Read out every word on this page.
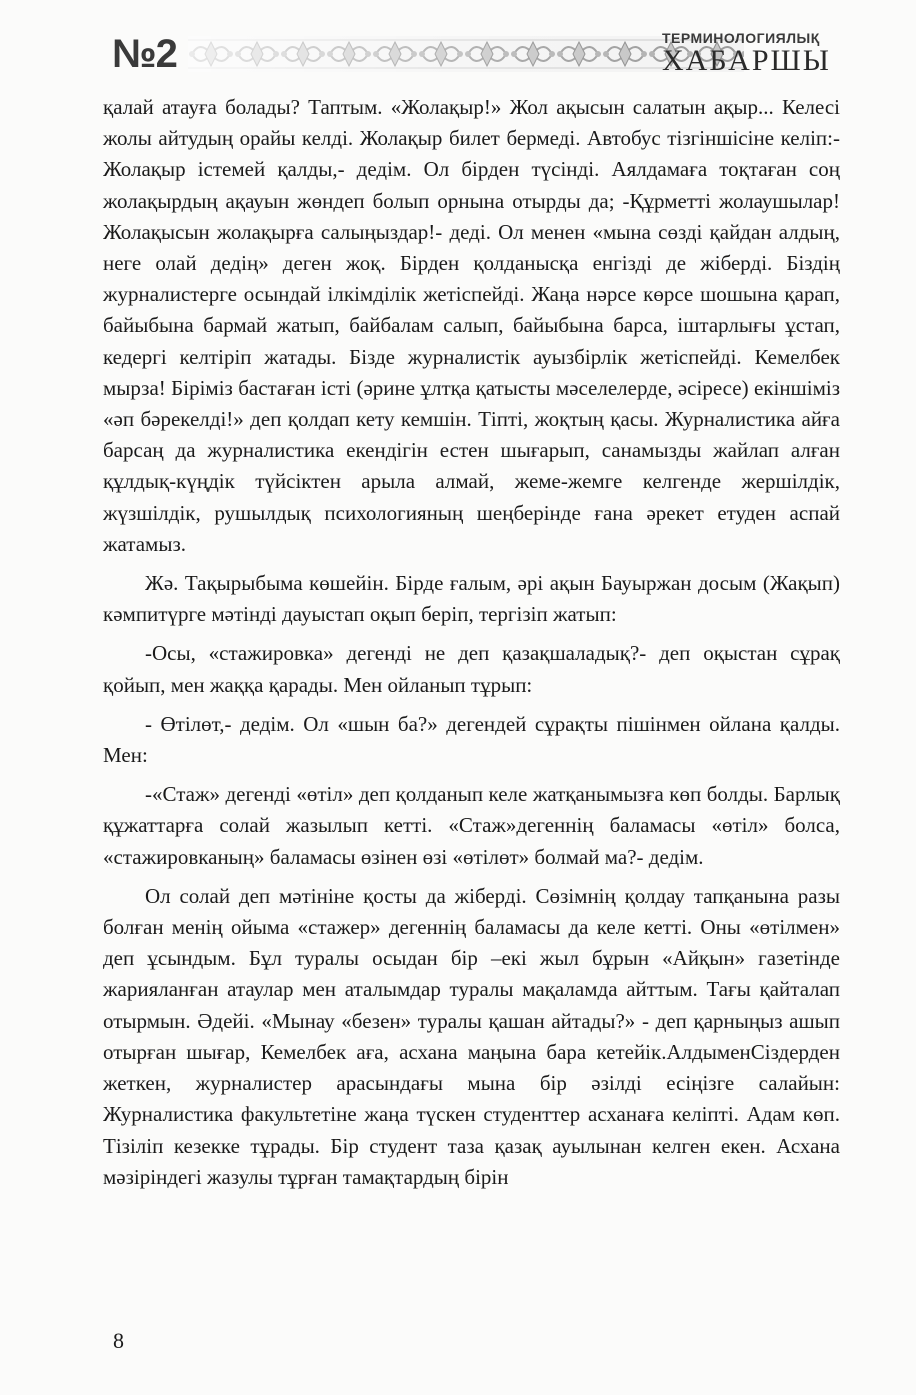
№2	ТЕРМИНОЛОГИЯЛЫҚ
ХАБАРШЫ

қалай атауға болады? Таптым. «Жолақыр!» Жол ақысын салатын ақыр... Келесі жолы айтудың орайы келді. Жолақыр билет бермеді. Автобус тізгіншісіне келіп:- Жолақыр істемей қалды,- дедім. Ол бірден түсінді. Аялдамаға тоқтаған соң жолақырдың ақауын жөндеп болып орнына отырды да; -Құрметті жолаушылар! Жолақысын жолақырға салыңыздар!- деді. Ол менен «мына сөзді қайдан алдың, неге олай дедің» деген жоқ. Бірден қолданысқа енгізді де жіберді. Біздің журналистерге осындай ілкімділік жетіспейді. Жаңа нәрсе көрсе шошына қарап, байыбына бармай жатып, байбалам салып, байыбына барса, іштарлығы ұстап, кедергі келтіріп жатады. Бізде журналистік ауызбірлік жетіспейді. Кемелбек мырза! Біріміз бастаған істі (әрине ұлтқа қатысты мәселелерде, әсіресе) екіншіміз «әп бәрекелді!» деп қолдап кету кемшін. Тіпті, жоқтың қасы. Журналистика айға барсаң да журналистика екендігін естен шығарып, санамызды жайлап алған құлдық-күңдік түйсіктен арыла алмай, жеме-жемге келгенде жершілдік, жүзшілдік, рушылдық психологияның шеңберінде ғана әрекет етуден аспай жатамыз.

Жә. Тақырыбыма көшейін. Бірде ғалым, әрі ақын Бауыржан досым (Жақып) кәмпитүрге мәтінді дауыстап оқып беріп, тергізіп жатып:

-Осы, «стажировка» дегенді не деп қазақшаладық?- деп оқыстан сұрақ қойып, мен жаққа қарады. Мен ойланып тұрып:

- Өтілөт,- дедім. Ол «шын ба?» дегендей сұрақты пішінмен ойлана қалды. Мен:

-«Стаж» дегенді «өтіл» деп қолданып келе жатқанымызға көп болды. Барлық құжаттарға солай жазылып кетті. «Стаж»дегеннің баламасы «өтіл» болса, «стажировканың» баламасы өзінен өзі «өтілөт» болмай ма?- дедім.

Ол солай деп мәтініне қосты да жіберді. Сөзімнің қолдау тапқанына разы болған менің ойыма «стажер» дегеннің баламасы да келе кетті. Оны «өтілмен» деп ұсындым. Бұл туралы осыдан бір –екі жыл бұрын «Айқын» газетінде жарияланған атаулар мен аталымдар туралы мақаламда айттым. Тағы қайталап отырмын. Әдейі. «Мынау «безен» туралы қашан айтады?» - деп қарныңыз ашып отырған шығар, Кемелбек аға, асхана маңына бара кетейік.АлдыменСіздерден жеткен, журналистер арасындағы мына бір әзілді есіңізге салайын: Журналистика факультетіне жаңа түскен студенттер асханаға келіпті. Адам көп. Тізіліп кезекке тұрады. Бір студент таза қазақ ауылынан келген екен. Асхана мәзіріндегі жазулы тұрған тамақтардың бірін

8
